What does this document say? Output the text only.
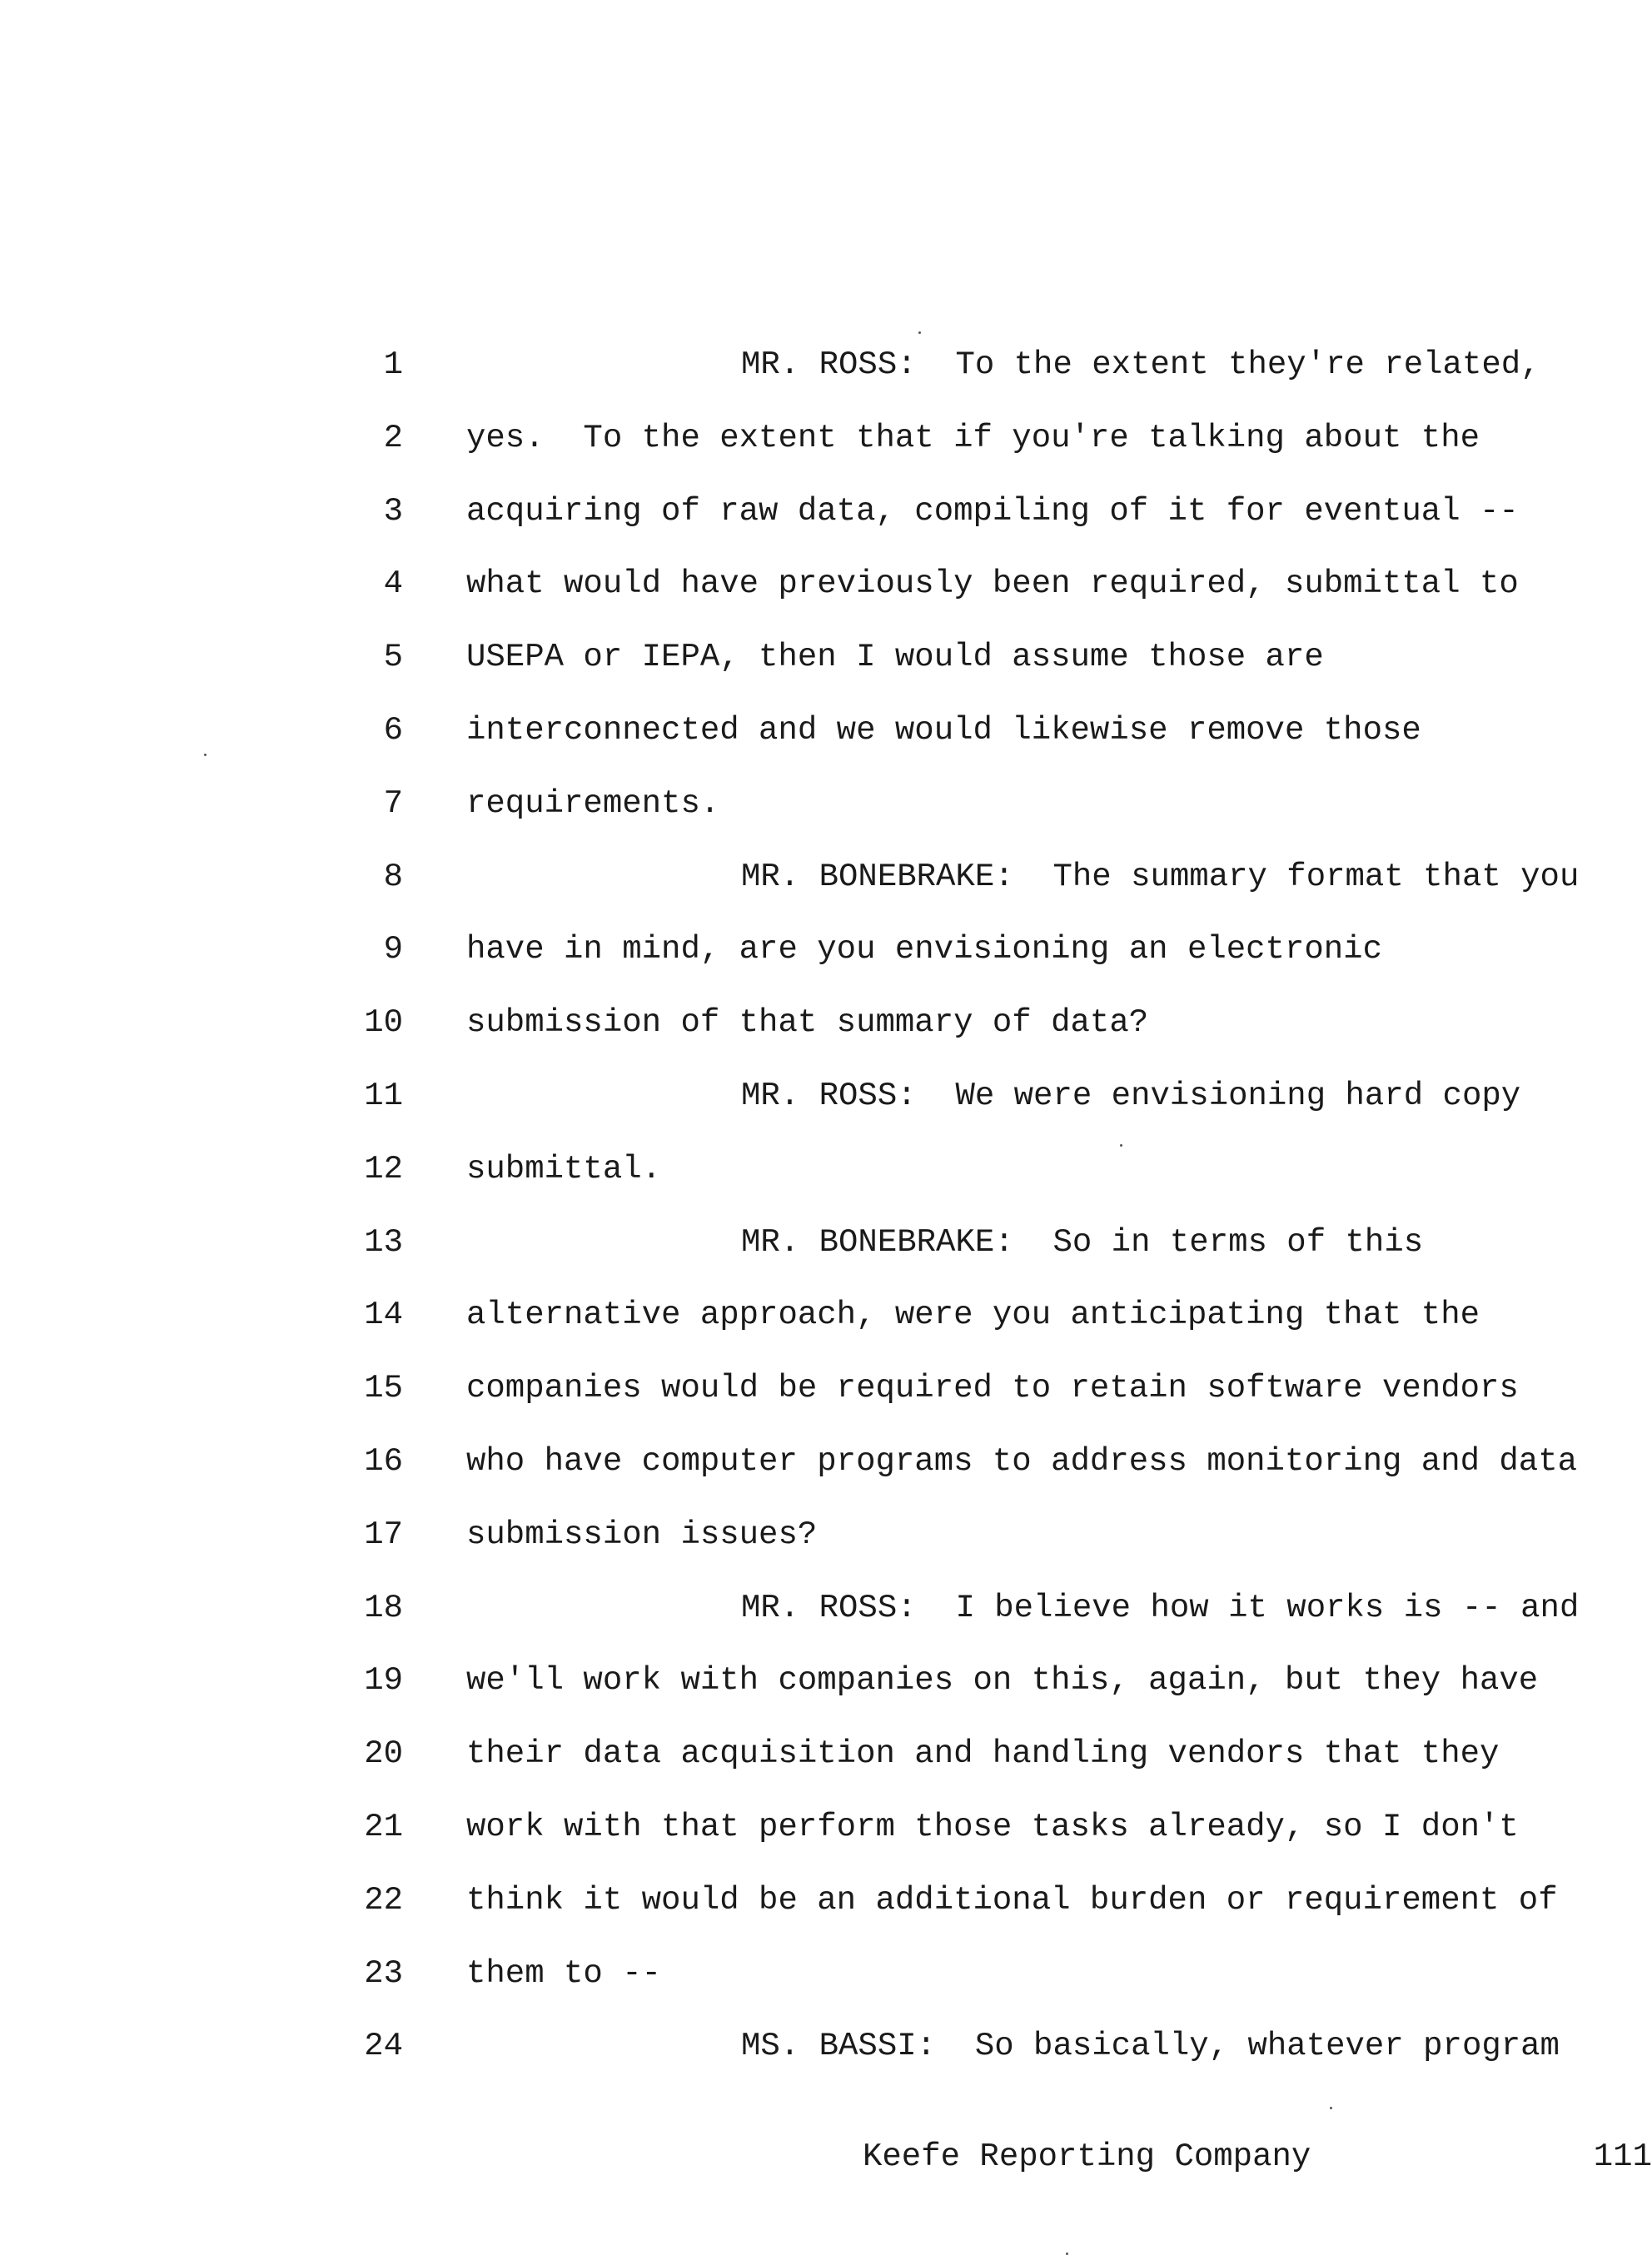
1	MR. ROSS:  To the extent they're related,
2 yes.  To the extent that if you're talking about the
3 acquiring of raw data, compiling of it for eventual --
4 what would have previously been required, submittal to
5 USEPA or IEPA, then I would assume those are
6 interconnected and we would likewise remove those
7 requirements.
8	MR. BONEBRAKE:  The summary format that you
9 have in mind, are you envisioning an electronic
10 submission of that summary of data?
11	MR. ROSS:  We were envisioning hard copy
12 submittal.
13	MR. BONEBRAKE:  So in terms of this
14 alternative approach, were you anticipating that the
15 companies would be required to retain software vendors
16 who have computer programs to address monitoring and data
17 submission issues?
18	MR. ROSS:  I believe how it works is -- and
19 we'll work with companies on this, again, but they have
20 their data acquisition and handling vendors that they
21 work with that perform those tasks already, so I don't
22 think it would be an additional burden or requirement of
23 them to --
24	MS. BASSI:  So basically, whatever program
Keefe Reporting Company	111
